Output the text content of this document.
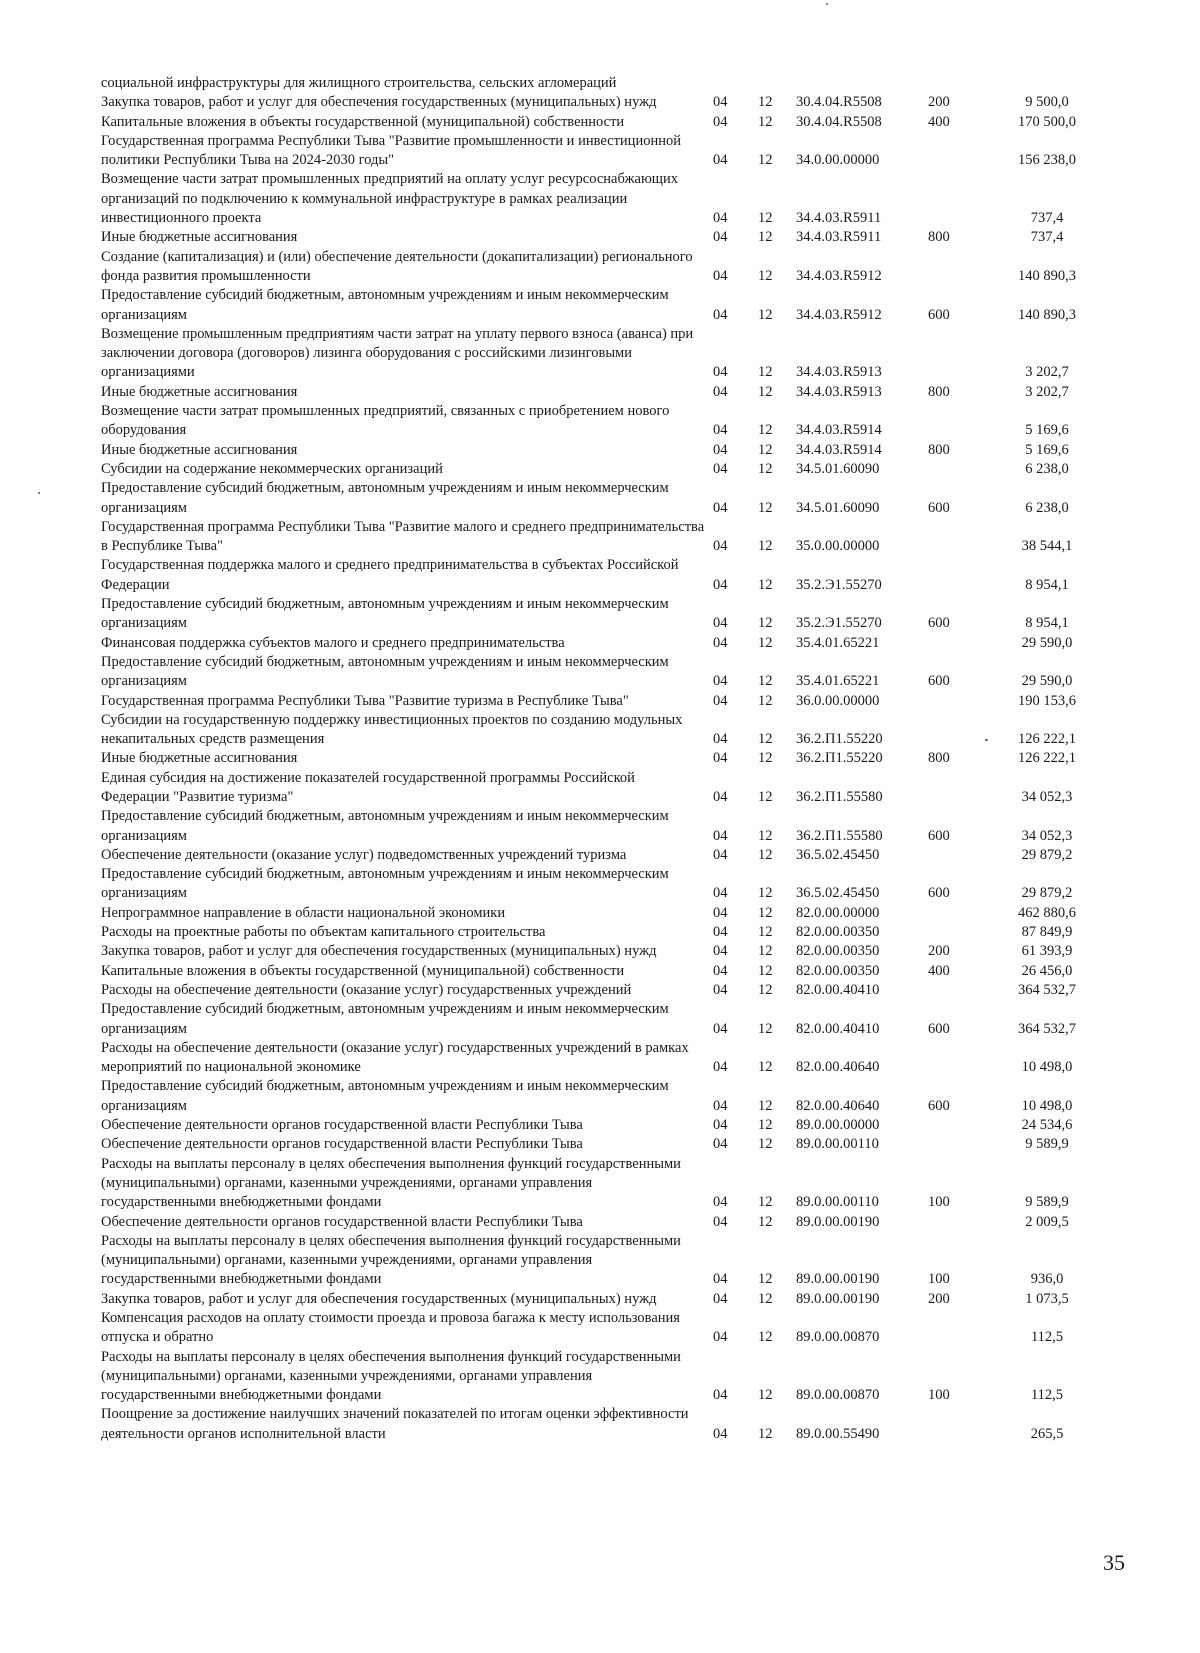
социальной инфраструктуры для жилищного строительства, сельских агломераций					
Закупка товаров, работ и услуг для обеспечения государственных (муниципальных) нужд	04	12	30.4.04.R5508	200	9 500,0
Капитальные вложения в объекты государственной (муниципальной) собственности	04	12	30.4.04.R5508	400	170 500,0
Государственная программа Республики Тыва "Развитие промышленности и инвестиционной политики Республики Тыва на 2024-2030 годы"	04	12	34.0.00.00000		156 238,0
Возмещение части затрат промышленных предприятий на оплату услуг ресурсоснабжающих организаций по подключению к коммунальной инфраструктуре в рамках реализации инвестиционного проекта	04	12	34.4.03.R5911		737,4
Иные бюджетные ассигнования	04	12	34.4.03.R5911	800	737,4
Создание (капитализация) и (или) обеспечение деятельности (докапитализации) регионального фонда развития промышленности	04	12	34.4.03.R5912		140 890,3
Предоставление субсидий бюджетным, автономным учреждениям и иным некоммерческим организациям	04	12	34.4.03.R5912	600	140 890,3
Возмещение промышленным предприятиям части затрат на уплату первого взноса (аванса) при заключении договора (договоров) лизинга оборудования с российскими лизинговыми организациями	04	12	34.4.03.R5913		3 202,7
Иные бюджетные ассигнования	04	12	34.4.03.R5913	800	3 202,7
Возмещение части затрат промышленных предприятий, связанных с приобретением нового оборудования	04	12	34.4.03.R5914		5 169,6
Иные бюджетные ассигнования	04	12	34.4.03.R5914	800	5 169,6
Субсидии на содержание некоммерческих организаций	04	12	34.5.01.60090		6 238,0
Предоставление субсидий бюджетным, автономным учреждениям и иным некоммерческим организациям	04	12	34.5.01.60090	600	6 238,0
Государственная программа Республики Тыва "Развитие малого и среднего предпринимательства в Республике Тыва"	04	12	35.0.00.00000		38 544,1
Государственная поддержка малого и среднего предпринимательства в субъектах Российской Федерации	04	12	35.2.Э1.55270		8 954,1
Предоставление субсидий бюджетным, автономным учреждениям и иным некоммерческим организациям	04	12	35.2.Э1.55270	600	8 954,1
Финансовая поддержка субъектов малого и среднего предпринимательства	04	12	35.4.01.65221		29 590,0
Предоставление субсидий бюджетным, автономным учреждениям и иным некоммерческим организациям	04	12	35.4.01.65221	600	29 590,0
Государственная программа Республики Тыва "Развитие туризма в Республике Тыва"	04	12	36.0.00.00000		190 153,6
Субсидии на государственную поддержку инвестиционных проектов по созданию модульных некапитальных средств размещения	04	12	36.2.П1.55220		126 222,1
Иные бюджетные ассигнования	04	12	36.2.П1.55220	800	126 222,1
Единая субсидия на достижение показателей государственной программы Российской Федерации "Развитие туризма"	04	12	36.2.П1.55580		34 052,3
Предоставление субсидий бюджетным, автономным учреждениям и иным некоммерческим организациям	04	12	36.2.П1.55580	600	34 052,3
Обеспечение деятельности (оказание услуг) подведомственных учреждений туризма	04	12	36.5.02.45450		29 879,2
Предоставление субсидий бюджетным, автономным учреждениям и иным некоммерческим организациям	04	12	36.5.02.45450	600	29 879,2
Непрограммное направление в области национальной экономики	04	12	82.0.00.00000		462 880,6
Расходы на проектные работы по объектам капитального строительства	04	12	82.0.00.00350		87 849,9
Закупка товаров, работ и услуг для обеспечения государственных (муниципальных) нужд	04	12	82.0.00.00350	200	61 393,9
Капитальные вложения в объекты государственной (муниципальной) собственности	04	12	82.0.00.00350	400	26 456,0
Расходы на обеспечение деятельности (оказание услуг) государственных учреждений	04	12	82.0.00.40410		364 532,7
Предоставление субсидий бюджетным, автономным учреждениям и иным некоммерческим организациям	04	12	82.0.00.40410	600	364 532,7
Расходы на обеспечение деятельности (оказание услуг) государственных учреждений в рамках мероприятий по национальной экономике	04	12	82.0.00.40640		10 498,0
Предоставление субсидий бюджетным, автономным учреждениям и иным некоммерческим организациям	04	12	82.0.00.40640	600	10 498,0
Обеспечение деятельности органов государственной власти Республики Тыва	04	12	89.0.00.00000		24 534,6
Обеспечение деятельности органов государственной власти Республики Тыва	04	12	89.0.00.00110		9 589,9
Расходы на выплаты персоналу в целях обеспечения выполнения функций государственными (муниципальными) органами, казенными учреждениями, органами управления государственными внебюджетными фондами	04	12	89.0.00.00110	100	9 589,9
Обеспечение деятельности органов государственной власти Республики Тыва	04	12	89.0.00.00190		2 009,5
Расходы на выплаты персоналу в целях обеспечения выполнения функций государственными (муниципальными) органами, казенными учреждениями, органами управления государственными внебюджетными фондами	04	12	89.0.00.00190	100	936,0
Закупка товаров, работ и услуг для обеспечения государственных (муниципальных) нужд	04	12	89.0.00.00190	200	1 073,5
Компенсация расходов на оплату стоимости проезда и провоза багажа к месту использования отпуска и обратно	04	12	89.0.00.00870		112,5
Расходы на выплаты персоналу в целях обеспечения выполнения функций государственными (муниципальными) органами, казенными учреждениями, органами управления государственными внебюджетными фондами	04	12	89.0.00.00870	100	112,5
Поощрение за достижение наилучших значений показателей по итогам оценки эффективности деятельности органов исполнительной власти	04	12	89.0.00.55490		265,5
35
